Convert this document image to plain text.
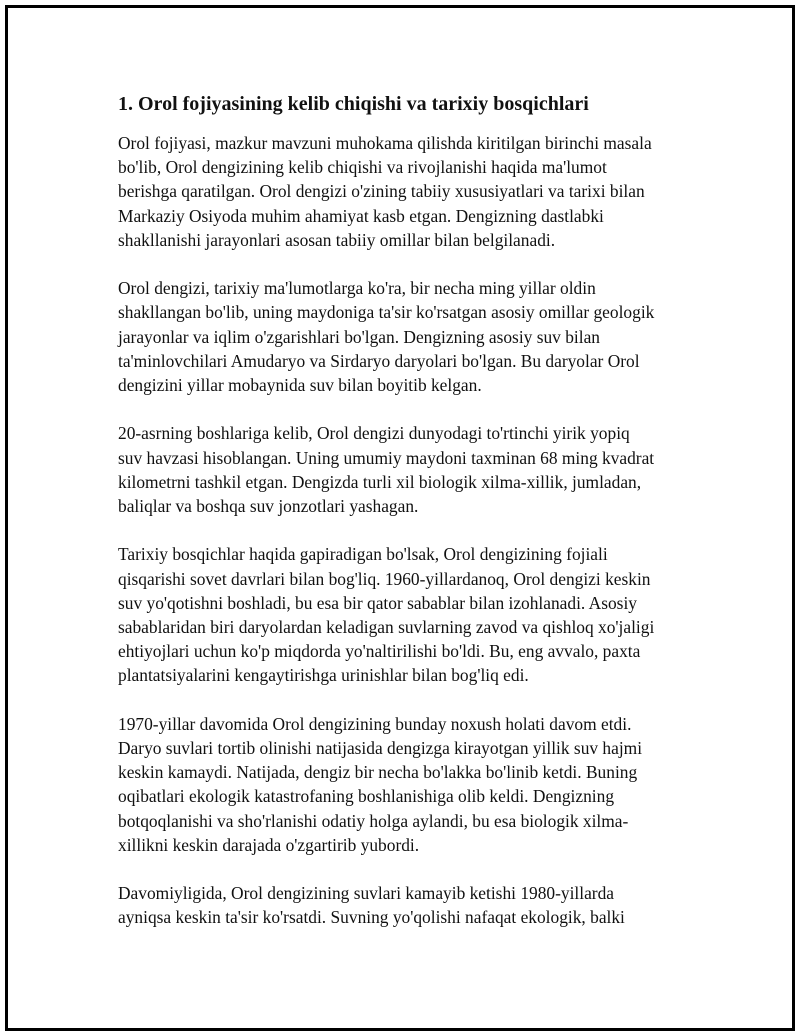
1. Orol fojiyasining kelib chiqishi va tarixiy bosqichlari

Orol fojiyasi, mazkur mavzuni muhokama qilishda kiritilgan birinchi masala
bo'lib, Orol dengizining kelib chiqishi va rivojlanishi haqida ma'lumot
berishga qaratilgan. Orol dengizi o'zining tabiiy xususiyatlari va tarixi bilan
Markaziy Osiyoda muhim ahamiyat kasb etgan. Dengizning dastlabki
shakllanishi jarayonlari asosan tabiiy omillar bilan belgilanadi.

Orol dengizi, tarixiy ma'lumotlarga ko'ra, bir necha ming yillar oldin
shakllangan bo'lib, uning maydoniga ta'sir ko'rsatgan asosiy omillar geologik
jarayonlar va iqlim o'zgarishlari bo'lgan. Dengizning asosiy suv bilan
ta'minlovchilari Amudaryo va Sirdaryo daryolari bo'lgan. Bu daryolar Orol
dengizini yillar mobaynida suv bilan boyitib kelgan.

20-asrning boshlariga kelib, Orol dengizi dunyodagi to'rtinchi yirik yopiq
suv havzasi hisoblangan. Uning umumiy maydoni taxminan 68 ming kvadrat
kilometrni tashkil etgan. Dengizda turli xil biologik xilma-xillik, jumladan,
baliqlar va boshqa suv jonzotlari yashagan.

Tarixiy bosqichlar haqida gapiradigan bo'lsak, Orol dengizining fojiali
qisqarishi sovet davrlari bilan bog'liq. 1960-yillardanoq, Orol dengizi keskin
suv yo'qotishni boshladi, bu esa bir qator sabablar bilan izohlanadi. Asosiy
sabablaridan biri daryolardan keladigan suvlarning zavod va qishloq xo'jaligi
ehtiyojlari uchun ko'p miqdorda yo'naltirilishi bo'ldi. Bu, eng avvalo, paxta
plantatsiyalarini kengaytirishga urinishlar bilan bog'liq edi.

1970-yillar davomida Orol dengizining bunday noxush holati davom etdi.
Daryo suvlari tortib olinishi natijasida dengizga kirayotgan yillik suv hajmi
keskin kamaydi. Natijada, dengiz bir necha bo'lakka bo'linib ketdi. Buning
oqibatlari ekologik katastrofaning boshlanishiga olib keldi. Dengizning
botqoqlanishi va sho'rlanishi odatiy holga aylandi, bu esa biologik xilma-
xillikni keskin darajada o'zgartirib yubordi.

Davomiyligida, Orol dengizining suvlari kamayib ketishi 1980-yillarda
ayniqsa keskin ta'sir ko'rsatdi. Suvning yo'qolishi nafaqat ekologik, balki
